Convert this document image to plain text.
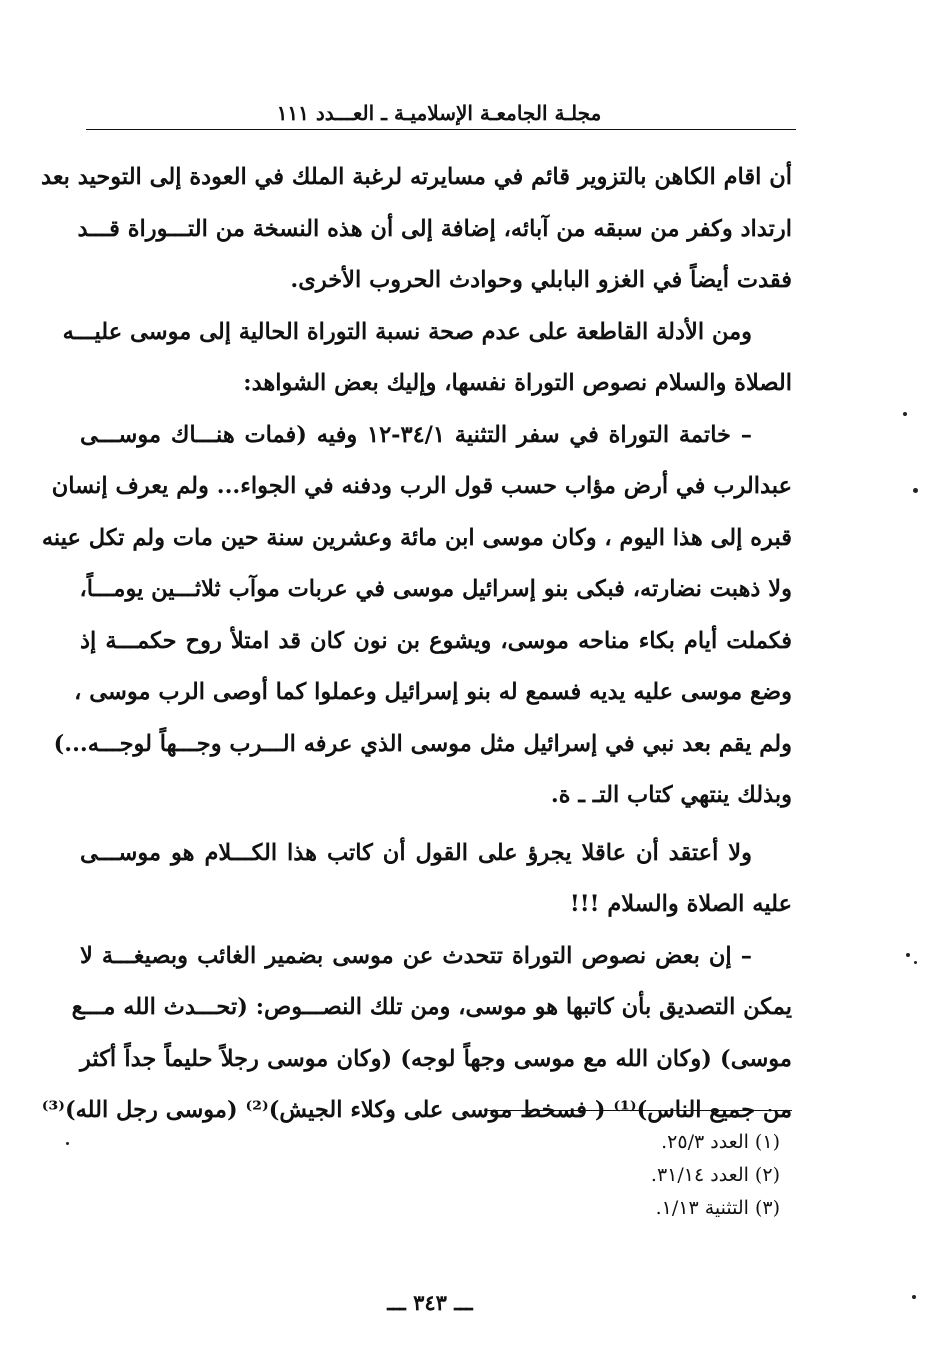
مجلـة الجامعـة الإسلاميـة ـ العـــدد ١١١
أن اقام الكاهن بالتزوير قائم في مسايرته لرغبة الملك في العودة إلى التوحيد بعد
ارتداد وكفر من سبقه من آبائه، إضافة إلى أن هذه النسخة من التـــوراة قـــد
فقدت أيضاً في الغزو البابلي وحوادث الحروب الأخرى.
ومن الأدلة القاطعة على عدم صحة نسبة التوراة الحالية إلى موسى عليـــه
الصلاة والسلام نصوص التوراة نفسها، وإليك بعض الشواهد:
– خاتمة التوراة في سفر التثنية ٣٤/١-١٢ وفيه (فمات هنـــاك موســـى
عبدالرب في أرض مؤاب حسب قول الرب ودفنه في الجواء... ولم يعرف إنسان
قبره إلى هذا اليوم ، وكان موسى ابن مائة وعشرين سنة حين مات ولم تكل عينه
ولا ذهبت نضارته، فبكى بنو إسرائيل موسى في عربات موآب ثلاثـــين يومـــاً،
فكملت أيام بكاء مناحه موسى، ويشوع بن نون كان قد امتلأ روح حكمـــة إذ
وضع موسى عليه يديه فسمع له بنو إسرائيل وعملوا كما أوصى الرب موسى ،
ولم يقم بعد نبي في إسرائيل مثل موسى الذي عرفه الـــرب وجـــهاً لوجـــه...)
وبذلك ينتهي كتاب التـ ـ ة.
ولا أعتقد أن عاقلا يجرؤ على القول أن كاتب هذا الكـــلام هو موســـى
عليه الصلاة والسلام !!!
– إن بعض نصوص التوراة تتحدث عن موسى بضمير الغائب وبصيغـــة لا
يمكن التصديق بأن كاتبها هو موسى، ومن تلك النصـــوص: (تحـــدث الله مـــع
موسى) (وكان الله مع موسى وجهاً لوجه) (وكان موسى رجلاً حليماً جداً أكثر
من جميع الناس)⁽¹⁾ ( فسخط موسى على وكلاء الجيش)⁽²⁾ (موسى رجل الله)⁽³⁾
(١) العدد ٢٥/٣.
(٢) العدد ٣١/١٤.
(٣) التثنية ١/١٣.
ـــ ٣٤٣ ـــ
